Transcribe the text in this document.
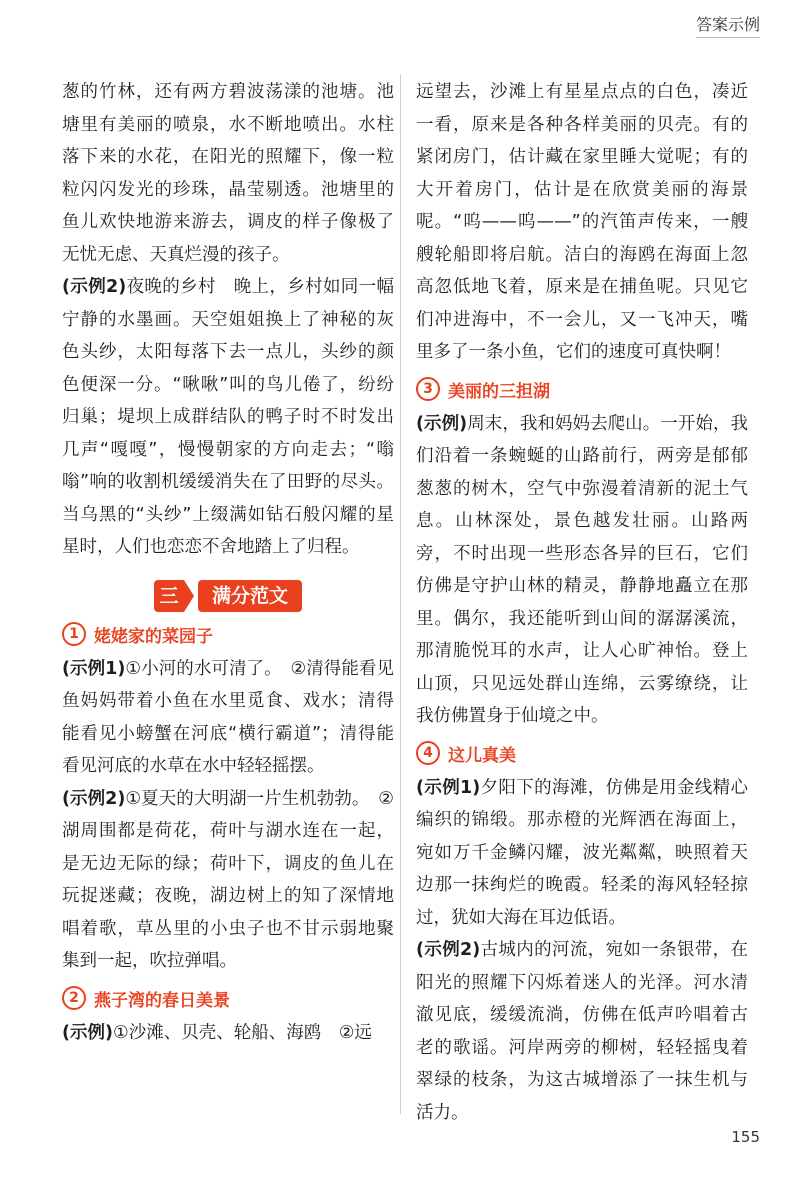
答案示例

葱的竹林，还有两方碧波荡漾的池塘。池塘里有美丽的喷泉，水不断地喷出。水柱落下来的水花，在阳光的照耀下，像一粒粒闪闪发光的珍珠，晶莹剔透。池塘里的鱼儿欢快地游来游去，调皮的样子像极了无忧无虑、天真烂漫的孩子。

(示例2)夜晚的乡村　晚上，乡村如同一幅宁静的水墨画。天空姐姐换上了神秘的灰色头纱，太阳每落下去一点儿，头纱的颜色便深一分。“啾啾”叫的鸟儿倦了，纷纷归巢；堤坝上成群结队的鸭子时不时发出几声“嘎嘎”，慢慢朝家的方向走去；“嗡嗡”响的收割机缓缓消失在了田野的尽头。当乌黑的“头纱”上缀满如钻石般闪耀的星星时，人们也恋恋不舍地踏上了归程。

三	满分范文
1 姥姥家的菜园子

(示例1)①小河的水可清了。　②清得能看见鱼妈妈带着小鱼在水里觅食、戏水；清得能看见小螃蟹在河底“横行霸道”；清得能看见河底的水草在水中轻轻摇摆。

(示例2)①夏天的大明湖一片生机勃勃。　②湖周围都是荷花，荷叶与湖水连在一起，是无边无际的绿；荷叶下，调皮的鱼儿在玩捉迷藏；夜晚，湖边树上的知了深情地唱着歌，草丛里的小虫子也不甘示弱地聚集到一起，吹拉弹唱。

2 燕子湾的春日美景

(示例)①沙滩、贝壳、轮船、海鸥　②远

远望去，沙滩上有星星点点的白色，凑近一看，原来是各种各样美丽的贝壳。有的紧闭房门，估计藏在家里睡大觉呢；有的大开着房门，估计是在欣赏美丽的海景呢。“呜——呜——”的汽笛声传来，一艘艘轮船即将启航。洁白的海鸥在海面上忽高忽低地飞着，原来是在捕鱼呢。只见它们冲进海中，不一会儿，又一飞冲天，嘴里多了一条小鱼，它们的速度可真快啊！

3 美丽的三担湖

(示例)周末，我和妈妈去爬山。一开始，我们沿着一条蜿蜒的山路前行，两旁是郁郁葱葱的树木，空气中弥漫着清新的泥土气息。山林深处，景色越发壮丽。山路两旁，不时出现一些形态各异的巨石，它们仿佛是守护山林的精灵，静静地矗立在那里。偶尔，我还能听到山间的潺潺溪流，那清脆悦耳的水声，让人心旷神怡。登上山顶，只见远处群山连绵，云雾缭绕，让我仿佛置身于仙境之中。

4 这儿真美

(示例1)夕阳下的海滩，仿佛是用金线精心编织的锦缎。那赤橙的光辉洒在海面上，宛如万千金鳞闪耀，波光粼粼，映照着天边那一抹绚烂的晚霞。轻柔的海风轻轻掠过，犹如大海在耳边低语。

(示例2)古城内的河流，宛如一条银带，在阳光的照耀下闪烁着迷人的光泽。河水清澈见底，缓缓流淌，仿佛在低声吟唱着古老的歌谣。河岸两旁的柳树，轻轻摇曳着翠绿的枝条，为这古城增添了一抹生机与活力。

155
